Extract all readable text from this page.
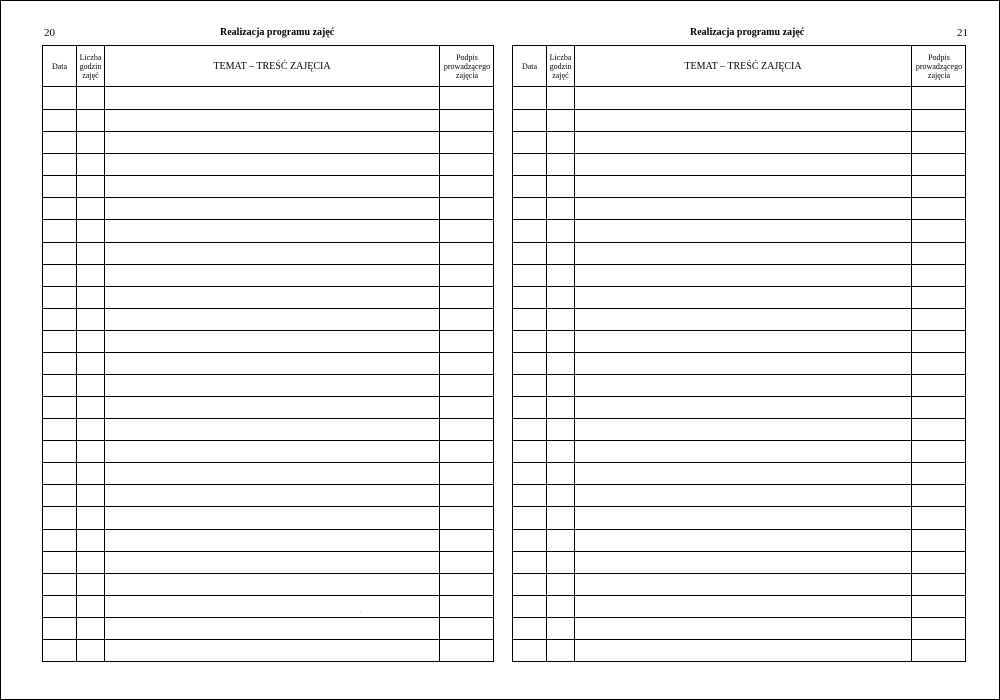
20	Realizacja programu zajęć
Data
Liczba godzin zajęć
TEMAT – TREŚĆ ZAJĘCIA
Podpis prowadzącego zajęcia
·
21
Realizacja programu zajęć
Data
Liczba godzin zajęć
TEMAT – TREŚĆ ZAJĘCIA
Podpis prowadzącego zajęcia
